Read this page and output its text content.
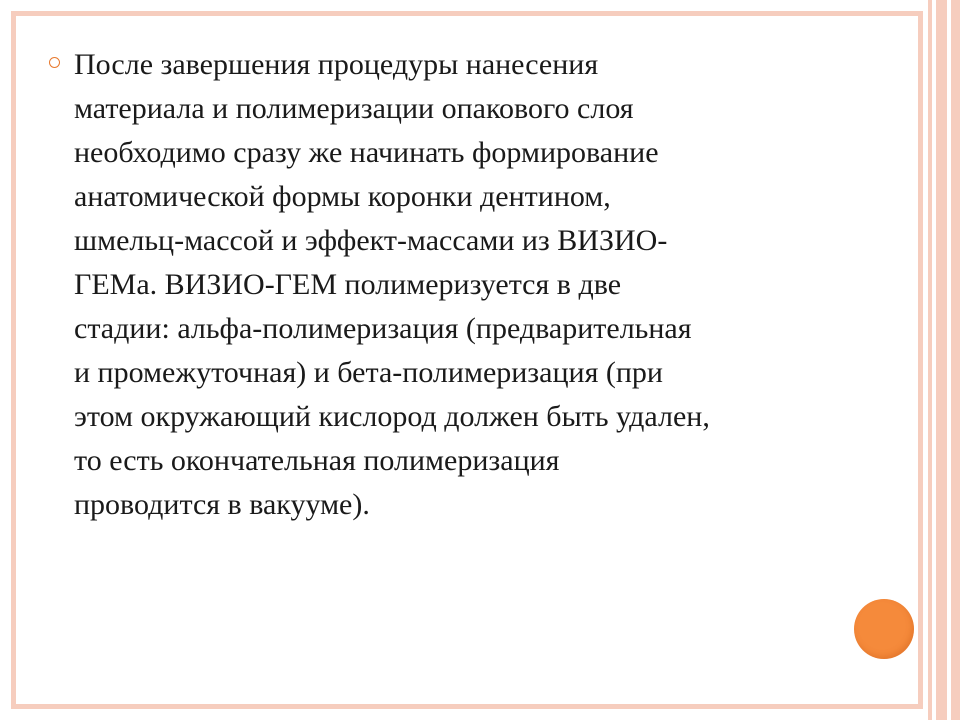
После завершения процедуры нанесения
материала и полимеризации опакового слоя
необходимо сразу же начинать формирование
анатомической формы коронки дентином,
шмельц-массой и эффект-массами из ВИЗИО-
ГЕМа. ВИЗИО-ГЕМ полимеризуется в две
стадии: альфа-полимеризация (предварительная
и промежуточная) и бета-полимеризация (при
этом окружающий кислород должен быть удален,
то есть окончательная полимеризация
проводится в вакууме).
